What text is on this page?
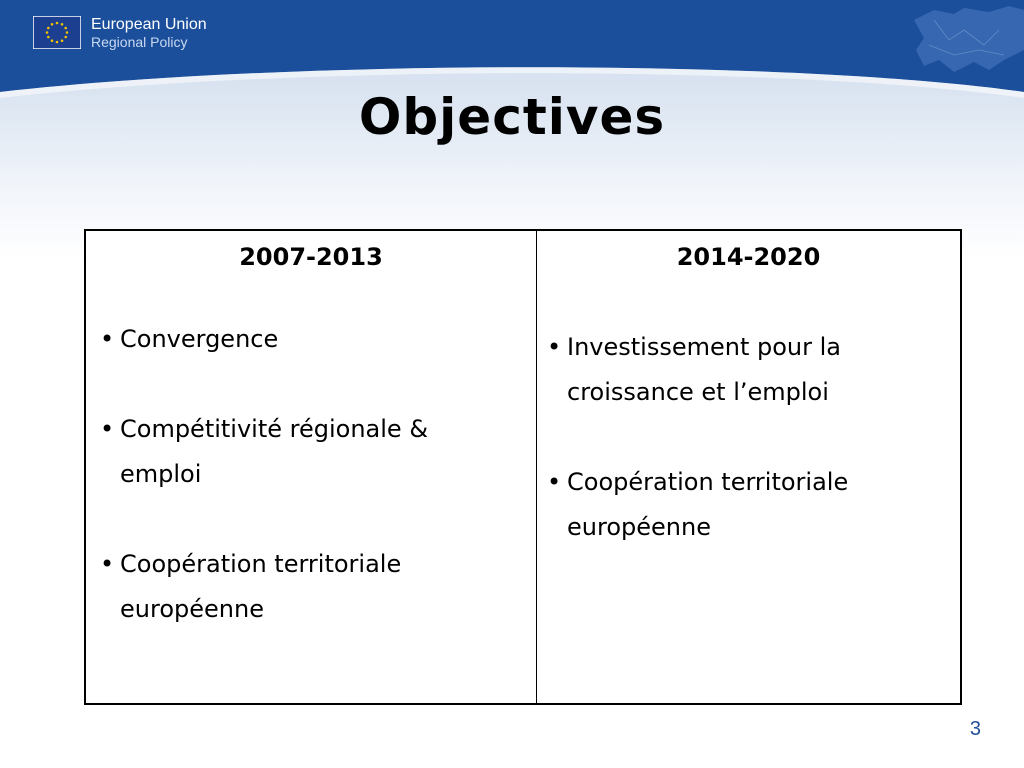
European Union
Regional Policy
Objectives
2007-2013
• Convergence
• Compétitivité régionale &
emploi
• Coopération territoriale
européenne
2014-2020
• Investissement pour la
croissance et l’emploi
• Coopération territoriale
européenne
3
